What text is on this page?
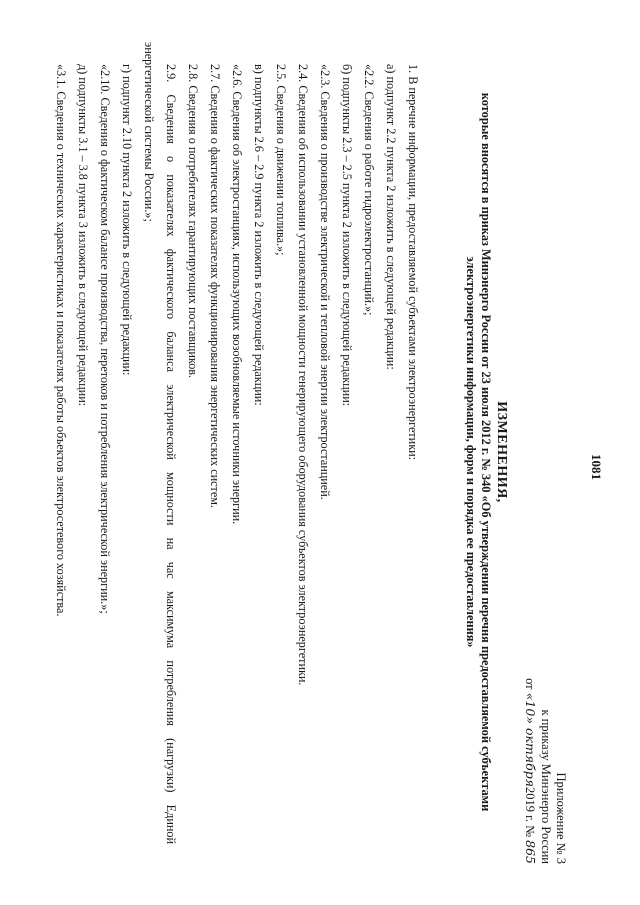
1081
Приложение № 3
к приказу Минэнерго России
от «10» октября2019 г. № 865
ИЗМЕНЕНИЯ,
которые вносятся в приказ Минэнерго России от 23 июля 2012 г. № 340 «Об утверждении перечня предоставляемой субъектами
электроэнергетики информации, форм и порядка ее предоставления»
1. В перечне информации, предоставляемой субъектами электроэнергетики:
а) подпункт 2.2 пункта 2 изложить в следующей редакции:
«2.2. Сведения о работе гидроэлектростанций.»;
б) подпункты 2.3 – 2.5 пункта 2 изложить в следующей редакции:
«2.3. Сведения о производстве электрической и тепловой энергии электростанцией.
2.4. Сведения об использовании установленной мощности генерирующего оборудования субъектов электроэнергетики.
2.5. Сведения о движении топлива.»;
в) подпункты 2.6 – 2.9 пункта 2 изложить в следующей редакции:
«2.6. Сведения об электростанциях, использующих возобновляемые источники энергии.
2.7. Сведения о фактических показателях функционирования энергетических систем.
2.8. Сведения о потребителях гарантирующих поставщиков.
2.9. Сведения о показателях фактического баланса электрической мощности на час максимума потребления (нагрузки) Единой
энергетической системы России.»;
г) подпункт 2.10 пункта 2 изложить в следующей редакции:
«2.10. Сведения о фактическом балансе производства, перетоков и потребления электрической энергии.»;
д) подпункты 3.1 – 3.8 пункта 3 изложить в следующей редакции:
«3.1. Сведения о технических характеристиках и показателях работы объектов электросетевого хозяйства.
